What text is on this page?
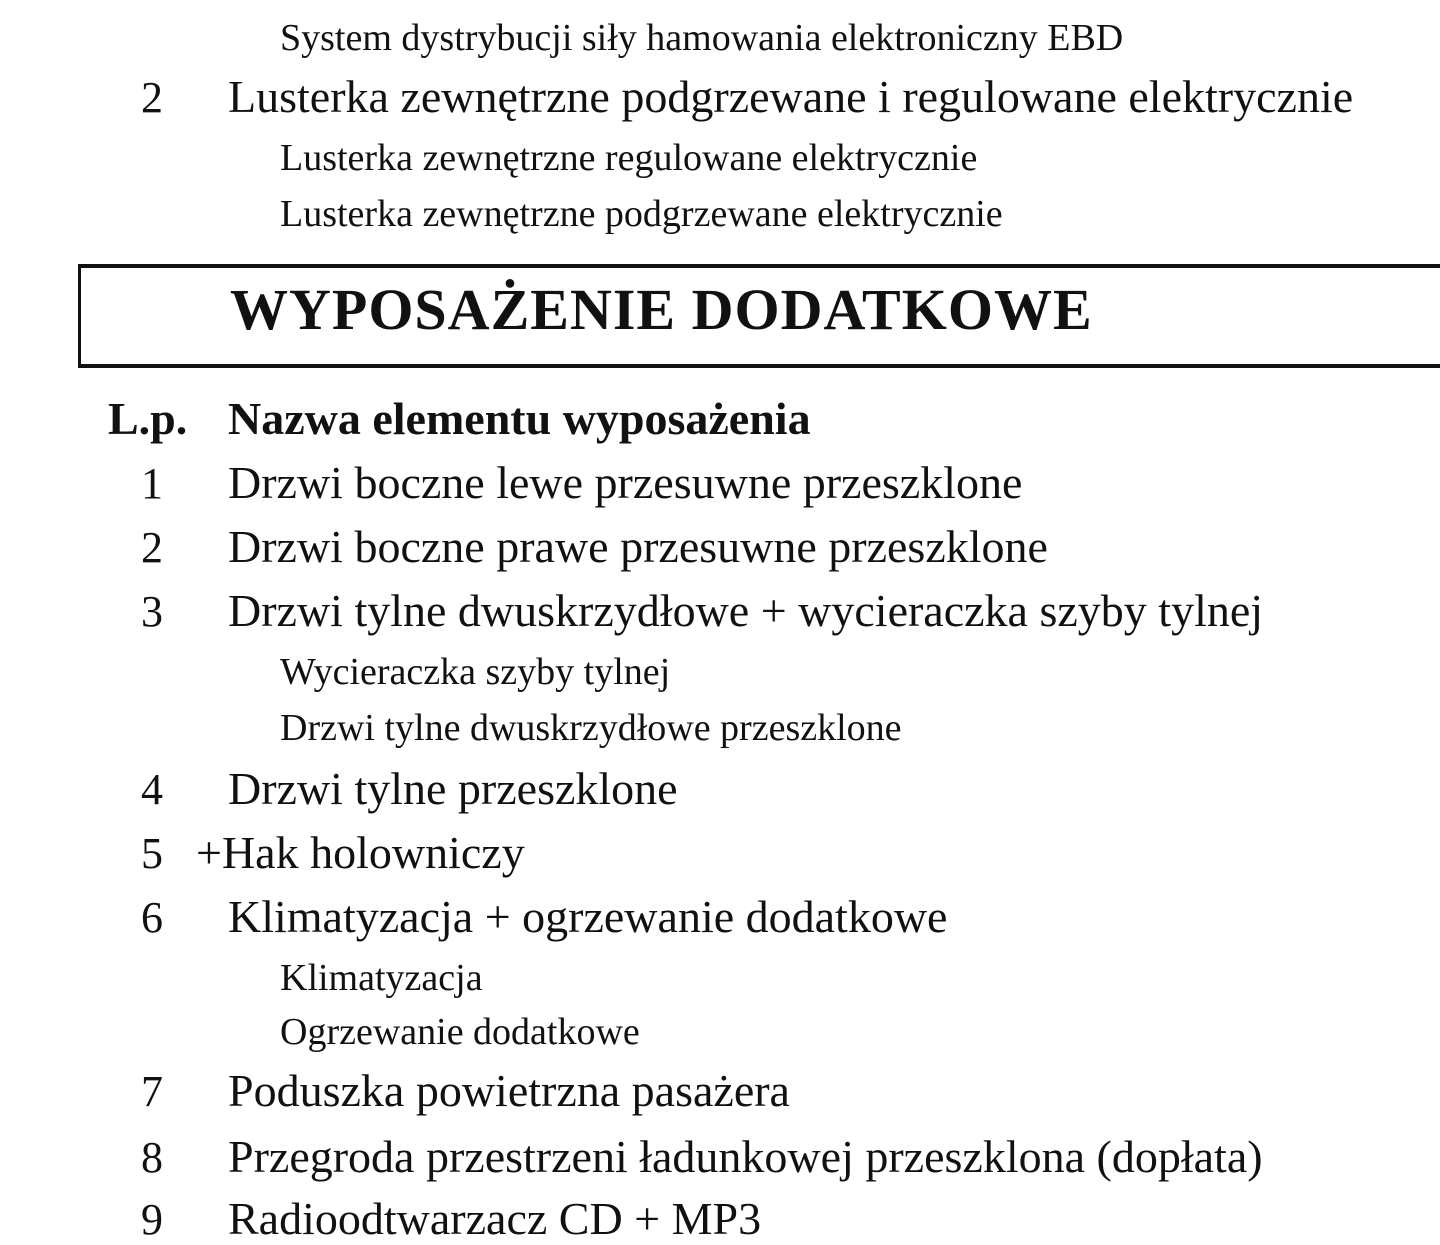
System dystrybucji siły hamowania elektroniczny EBD
2	Lusterka zewnętrzne podgrzewane i regulowane elektrycznie
Lusterka zewnętrzne regulowane elektrycznie
Lusterka zewnętrzne podgrzewane elektrycznie
WYPOSAŻENIE DODATKOWE
L.p. Nazwa elementu wyposażenia
1	Drzwi boczne lewe przesuwne przeszklone
2	Drzwi boczne prawe przesuwne przeszklone
3	Drzwi tylne dwuskrzydłowe + wycieraczka szyby tylnej
Wycieraczka szyby tylnej
Drzwi tylne dwuskrzydłowe przeszklone
4	Drzwi tylne przeszklone
5 +Hak holowniczy
6	Klimatyzacja + ogrzewanie dodatkowe
Klimatyzacja
Ogrzewanie dodatkowe
7	Poduszka powietrzna pasażera
8	Przegroda przestrzeni ładunkowej przeszklona (dopłata)
9	Radioodtwarzacz CD + MP3
